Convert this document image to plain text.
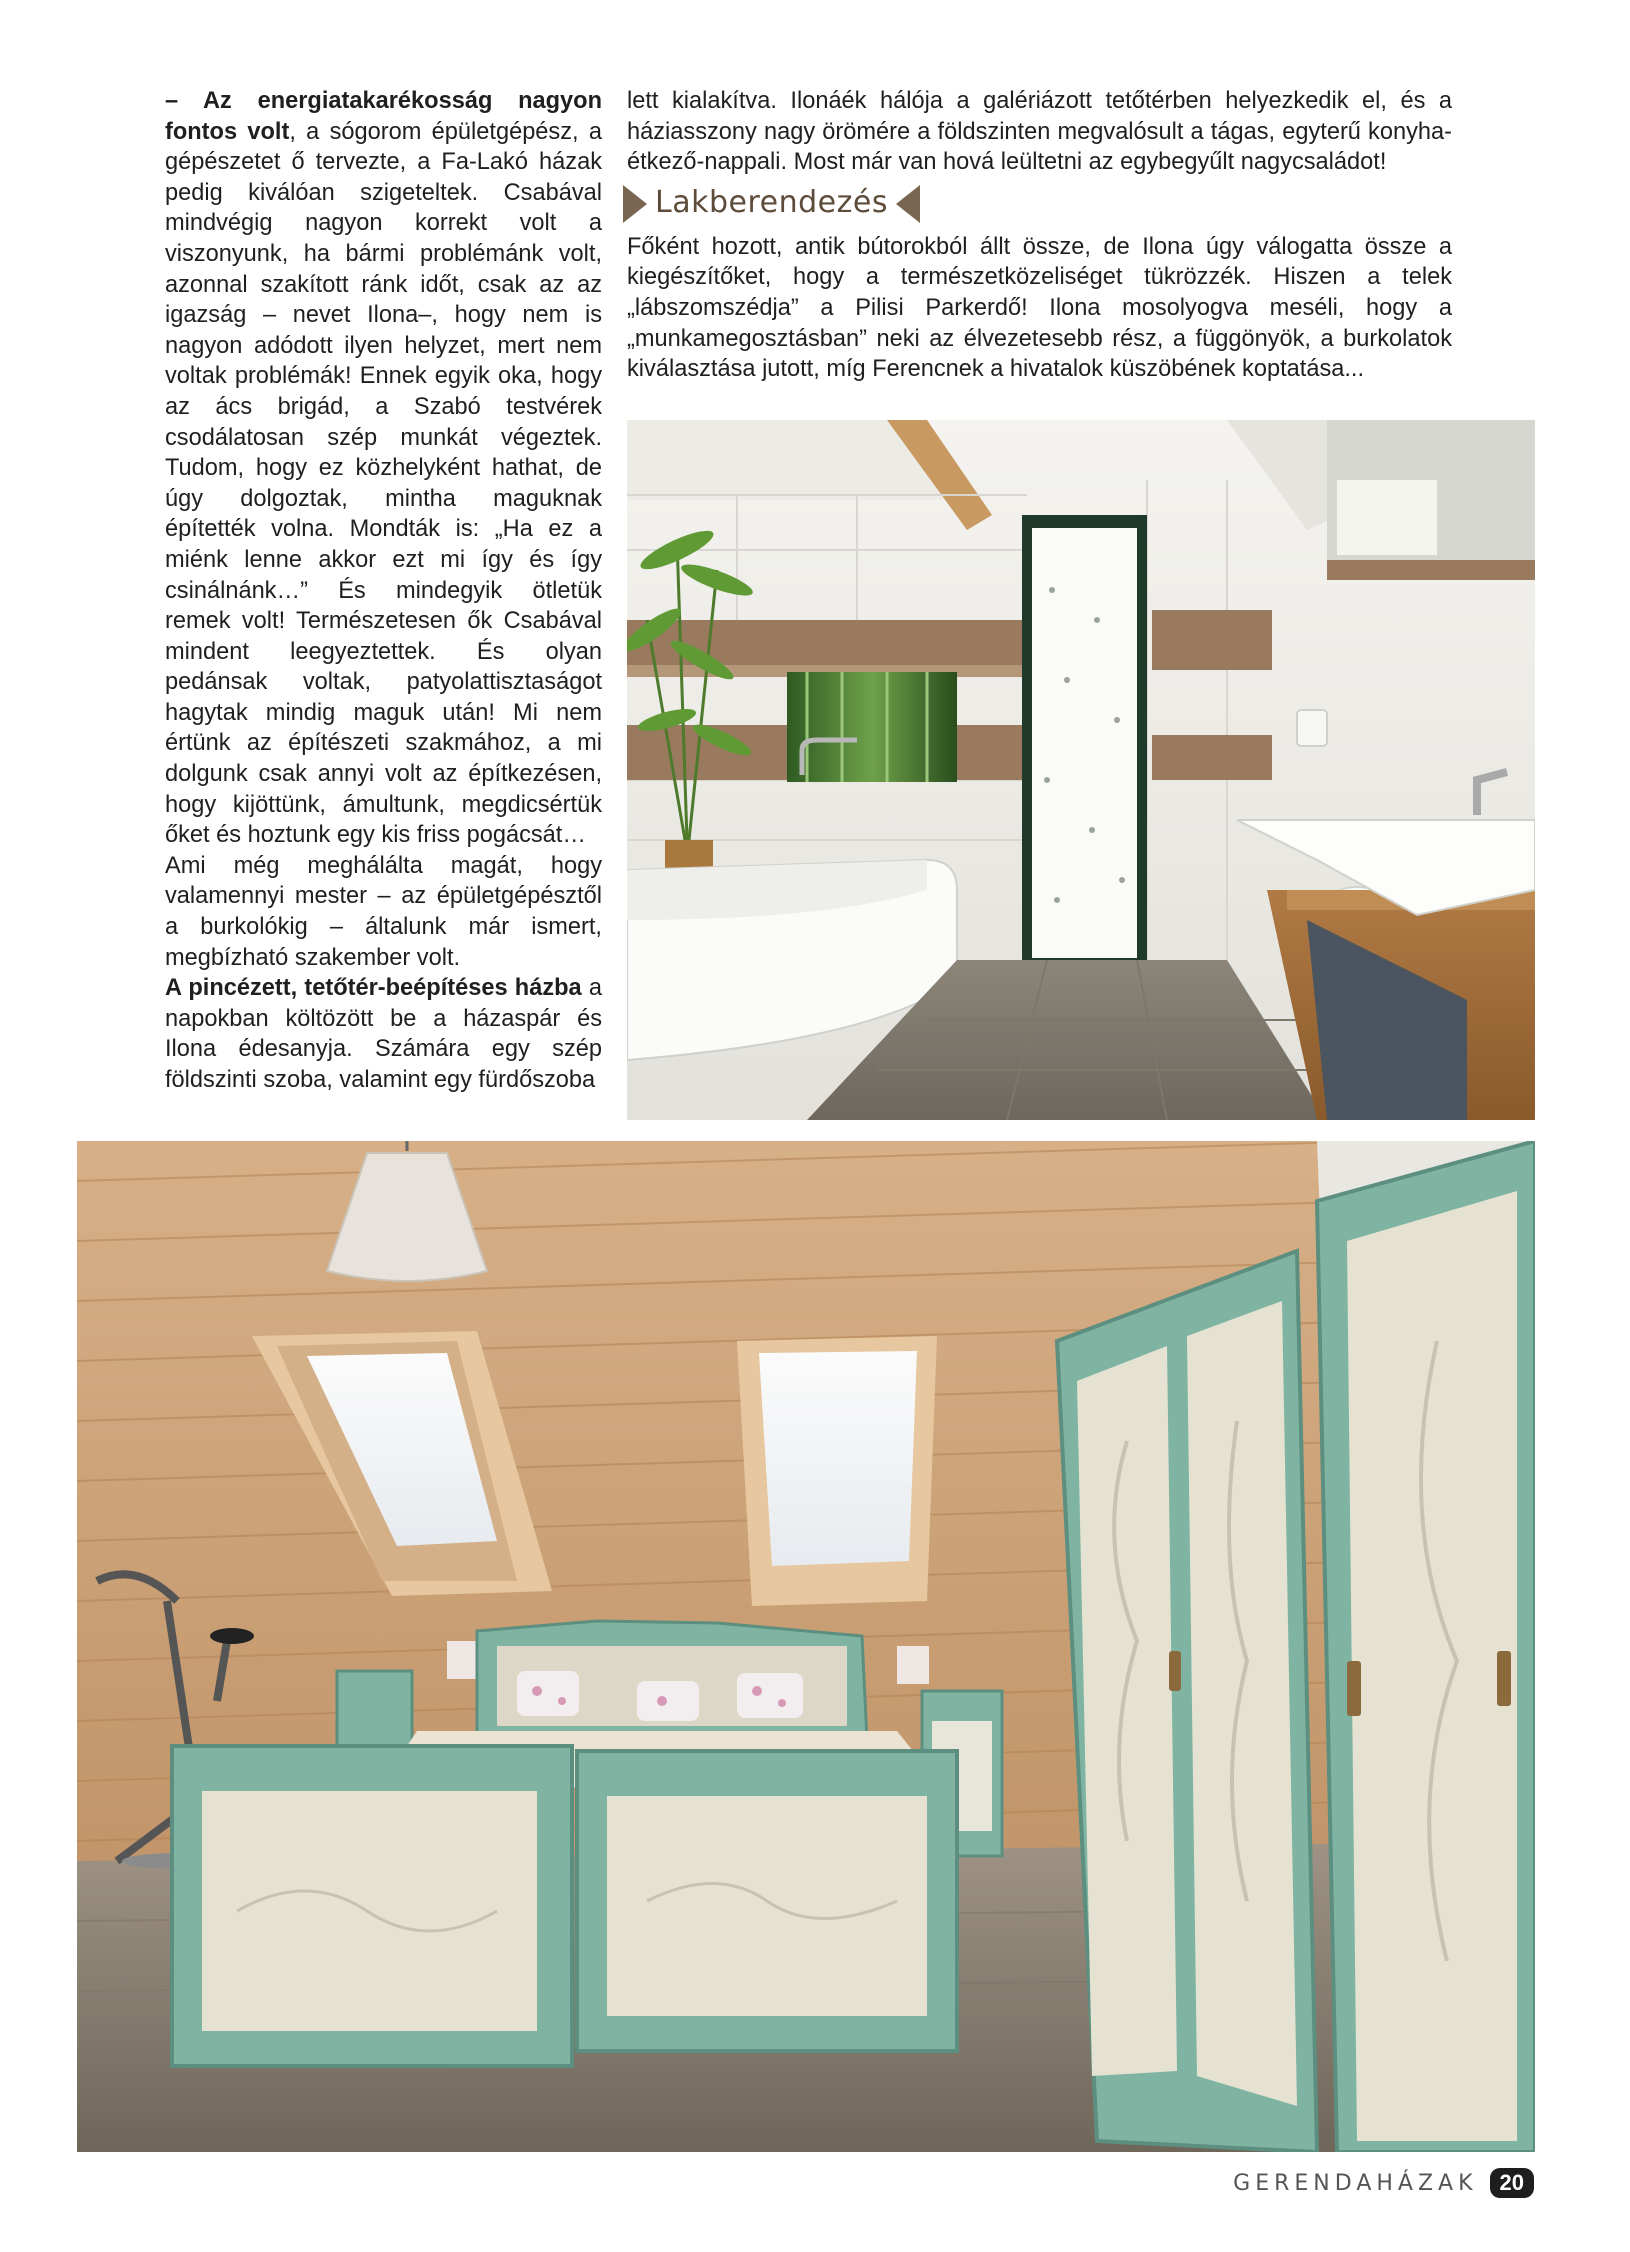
– Az energiatakarékosság nagyon fontos volt, a sógorom épületgépész, a gépészetet ő tervezte, a Fa-Lakó házak pedig kiválóan szigeteltek. Csabával mindvégig nagyon korrekt volt a viszonyunk, ha bármi problémánk volt, azonnal szakított ránk időt, csak az az igazság – nevet Ilona–, hogy nem is nagyon adódott ilyen helyzet, mert nem voltak problémák! Ennek egyik oka, hogy az ács brigád, a Szabó testvérek csodálatosan szép munkát végeztek. Tudom, hogy ez közhelyként hathat, de úgy dolgoztak, mintha maguknak építették volna. Mondták is: „Ha ez a miénk lenne akkor ezt mi így és így csinálnánk…” És mindegyik ötletük remek volt! Természetesen ők Csabával mindent leegyeztettek. És olyan pedánsak voltak, patyolattisztaságot hagytak mindig maguk után! Mi nem értünk az építészeti szakmához, a mi dolgunk csak annyi volt az építkezésen, hogy kijöttünk, ámultunk, megdicsértük őket és hoztunk egy kis friss pogácsát…

Ami még meghálálta magát, hogy valamennyi mester – az épületgépésztől a burkolókig – általunk már ismert, megbízható szakember volt.

A pincézett, tetőtér-beépítéses házba a napokban költözött be a házaspár és Ilona édesanyja. Számára egy szép földszinti szoba, valamint egy fürdőszoba

lett kialakítva. Ilonáék hálója a galériázott tetőtérben helyezkedik el, és a háziasszony nagy örömére a földszinten megvalósult a tágas, egyterű konyha-étkező-nappali. Most már van hová leültetni az egybegyűlt nagycsaládot!

Lakberendezés

Főként hozott, antik bútorokból állt össze, de Ilona úgy válogatta össze a kiegészítőket, hogy a természetközeliséget tükrözzék. Hiszen a telek „lábszomszédja” a Pilisi Parkerdő! Ilona mosolyogva meséli, hogy a „munkamegosztásban” neki az élvezetesebb rész, a függönyök, a burkolatok kiválasztása jutott, míg Ferencnek a hivatalok küszöbének koptatása...

GERENDAHÁZAK	20
